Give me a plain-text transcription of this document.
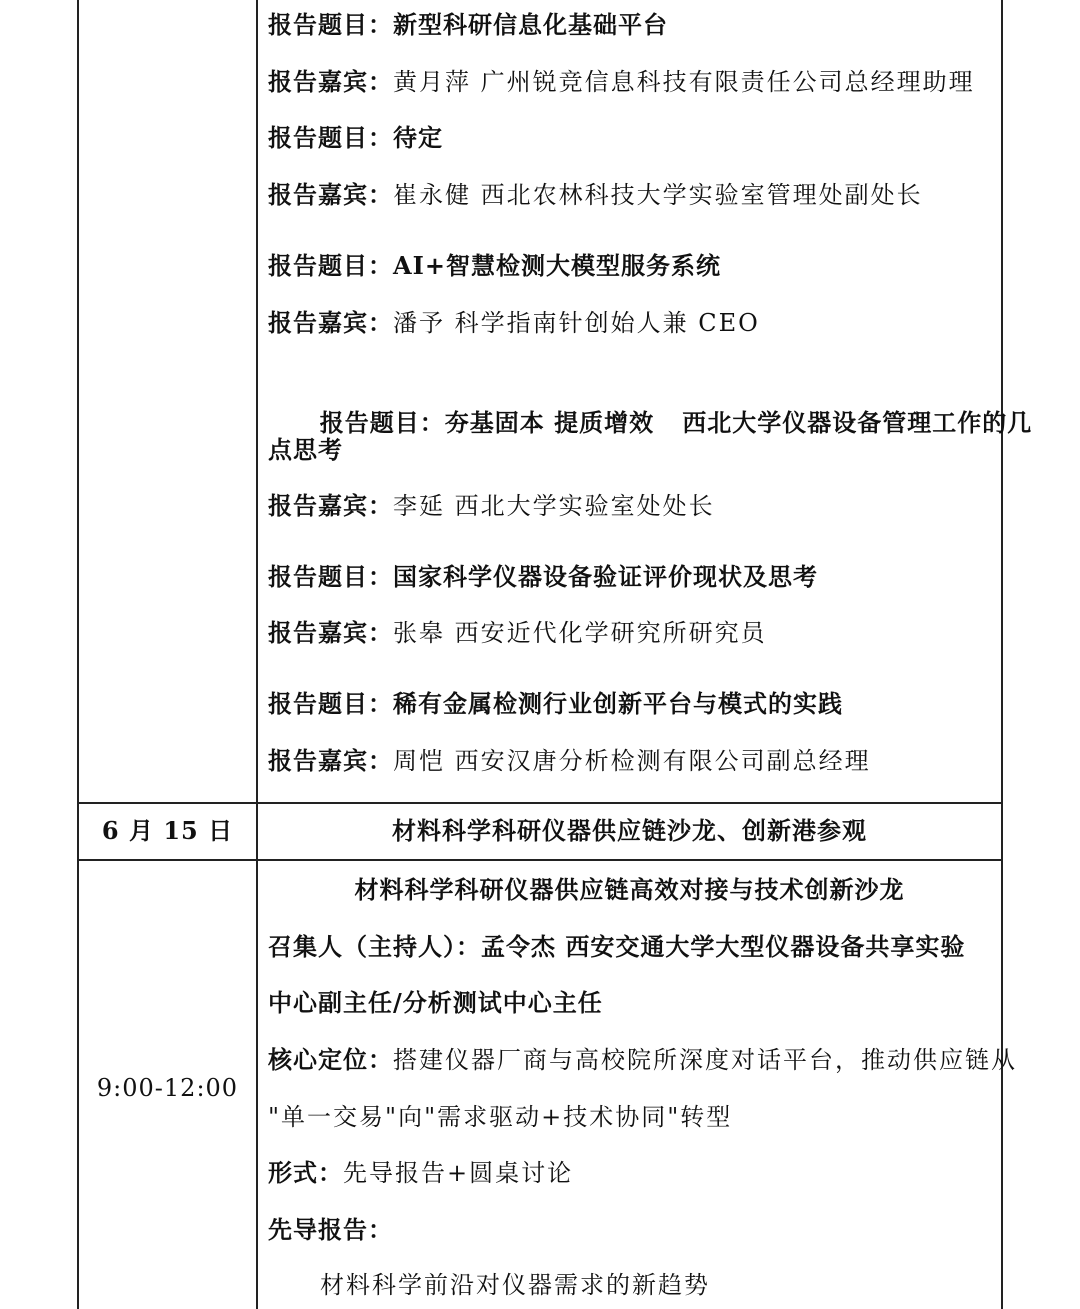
报告题目：新型科研信息化基础平台
报告嘉宾：黄月萍 广州锐竞信息科技有限责任公司总经理助理
报告题目：待定
报告嘉宾：崔永健 西北农林科技大学实验室管理处副处长
报告题目：AI+智慧检测大模型服务系统
报告嘉宾：潘予 科学指南针创始人兼 CEO

报告题目：夯基固本 提质增效   西北大学仪器设备管理工作的几

点思考
报告嘉宾：李延 西北大学实验室处处长
报告题目：国家科学仪器设备验证评价现状及思考
报告嘉宾：张皋 西安近代化学研究所研究员
报告题目：稀有金属检测行业创新平台与模式的实践
报告嘉宾：周恺 西安汉唐分析检测有限公司副总经理
6 月 15 日	材料科学科研仪器供应链沙龙、创新港参观
9:00-12:00
材料科学科研仪器供应链高效对接与技术创新沙龙
召集人（主持人）：孟令杰 西安交通大学大型仪器设备共享实验
中心副主任/分析测试中心主任
核心定位：搭建仪器厂商与高校院所深度对话平台，推动供应链从
"单一交易"向"需求驱动+技术协同"转型
形式：先导报告+圆桌讨论
先导报告：
材料科学前沿对仪器需求的新趋势
